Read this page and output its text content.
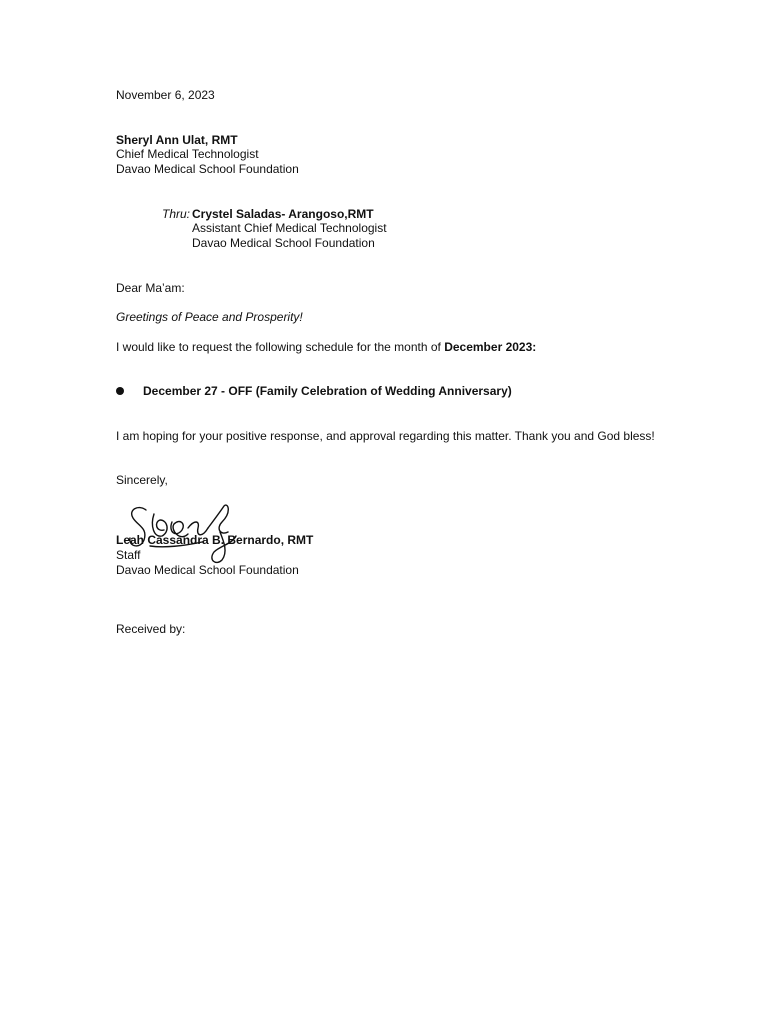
November 6, 2023
Sheryl Ann Ulat, RMT
Chief Medical Technologist
Davao Medical School Foundation
Thru: Crystel Saladas- Arangoso,RMT
Assistant Chief Medical Technologist
Davao Medical School Foundation
Dear Ma’am:
Greetings of Peace and Prosperity!
I would like to request the following schedule for the month of December 2023:
December 27 - OFF (Family Celebration of Wedding Anniversary)
I am hoping for your positive response, and approval regarding this matter. Thank you and God bless!
Sincerely,
Leah Cassandra B. Bernardo, RMT
Staff
Davao Medical School Foundation
Received by:
